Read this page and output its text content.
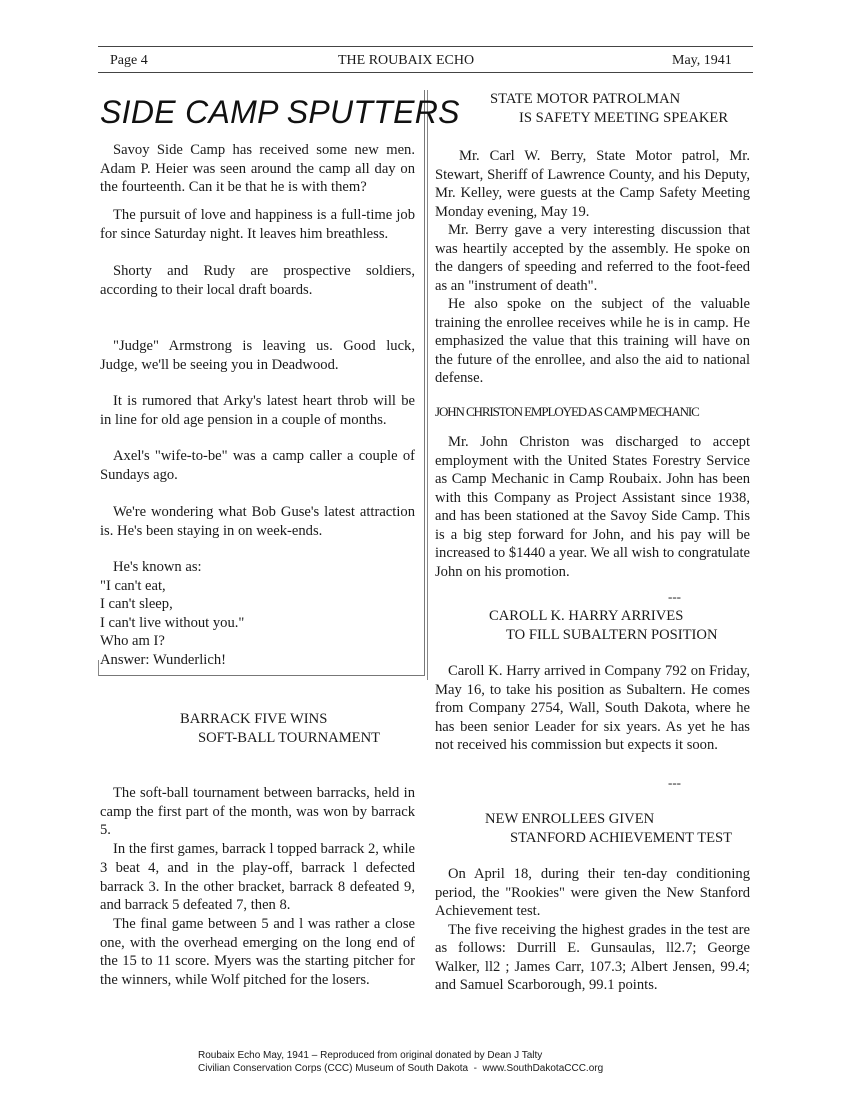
Page 4	THE ROUBAIX ECHO	May, 1941
SIDE CAMP SPUTTERS

Savoy Side Camp has received some new men. Adam P. Heier was seen around the camp all day on the fourteenth. Can it be that he is with them?

The pursuit of love and happiness is a full-time job for since Saturday night. It leaves him breathless.

Shorty and Rudy are prospective soldiers, according to their local draft boards.

"Judge" Armstrong is leaving us. Good luck, Judge, we'll be seeing you in Deadwood.

It is rumored that Arky's latest heart throb will be in line for old age pension in a couple of months.

Axel's "wife-to-be" was a camp caller a couple of Sundays ago.

We're wondering what Bob Guse's latest attraction is. He's been staying in on week-ends.

He's known as:
"I can't eat,
I can't sleep,
I can't live without you."
Who am I?
Answer: Wunderlich!
BARRACK FIVE WINS
SOFT-BALL TOURNAMENT

The soft-ball tournament between barracks, held in camp the first part of the month, was won by barrack 5.

In the first games, barrack l topped barrack 2, while 3 beat 4, and in the play-off, barrack l defected barrack 3. In the other bracket, barrack 8 defeated 9, and barrack 5 defeated 7, then 8.

The final game between 5 and l was rather a close one, with the overhead emerging on the long end of the 15 to 11 score. Myers was the starting pitcher for the winners, while Wolf pitched for the losers.

STATE MOTOR PATROLMAN
IS SAFETY MEETING SPEAKER

Mr. Carl W. Berry, State Motor patrol, Mr. Stewart, Sheriff of Lawrence County, and his Deputy, Mr. Kelley, were guests at the Camp Safety Meeting Monday evening, May 19.

Mr. Berry gave a very interesting discussion that was heartily accepted by the assembly. He spoke on the dangers of speeding and referred to the foot-feed as an "instrument of death".

He also spoke on the subject of the valuable training the enrollee receives while he is in camp. He emphasized the value that this training will have on the future of the enrollee, and also the aid to national defense.

JOHN CHRISTON EMPLOYED AS CAMP MECHANIC

Mr. John Christon was discharged to accept employment with the United States Forestry Service as Camp Mechanic in Camp Roubaix. John has been with this Company as Project Assistant since 1938, and has been stationed at the Savoy Side Camp. This is a big step forward for John, and his pay will be increased to $1440 a year. We all wish to congratulate John on his promotion.

---
CAROLL K. HARRY ARRIVES
TO FILL SUBALTERN POSITION

Caroll K. Harry arrived in Company 792 on Friday, May 16, to take his position as Subaltern. He comes from Company 2754, Wall, South Dakota, where he has been senior Leader for six years. As yet he has not received his commission but expects it soon.

---
NEW ENROLLEES GIVEN
STANFORD ACHIEVEMENT TEST

On April 18, during their ten-day conditioning period, the "Rookies" were given the New Stanford Achievement test.

The five receiving the highest grades in the test are as follows: Durrill E. Gunsaulas, ll2.7; George Walker, ll2 ; James Carr, 107.3; Albert Jensen, 99.4; and Samuel Scarborough, 99.1 points.

Roubaix Echo May, 1941 – Reproduced from original donated by Dean J Talty
Civilian Conservation Corps (CCC) Museum of South Dakota  -  www.SouthDakotaCCC.org
